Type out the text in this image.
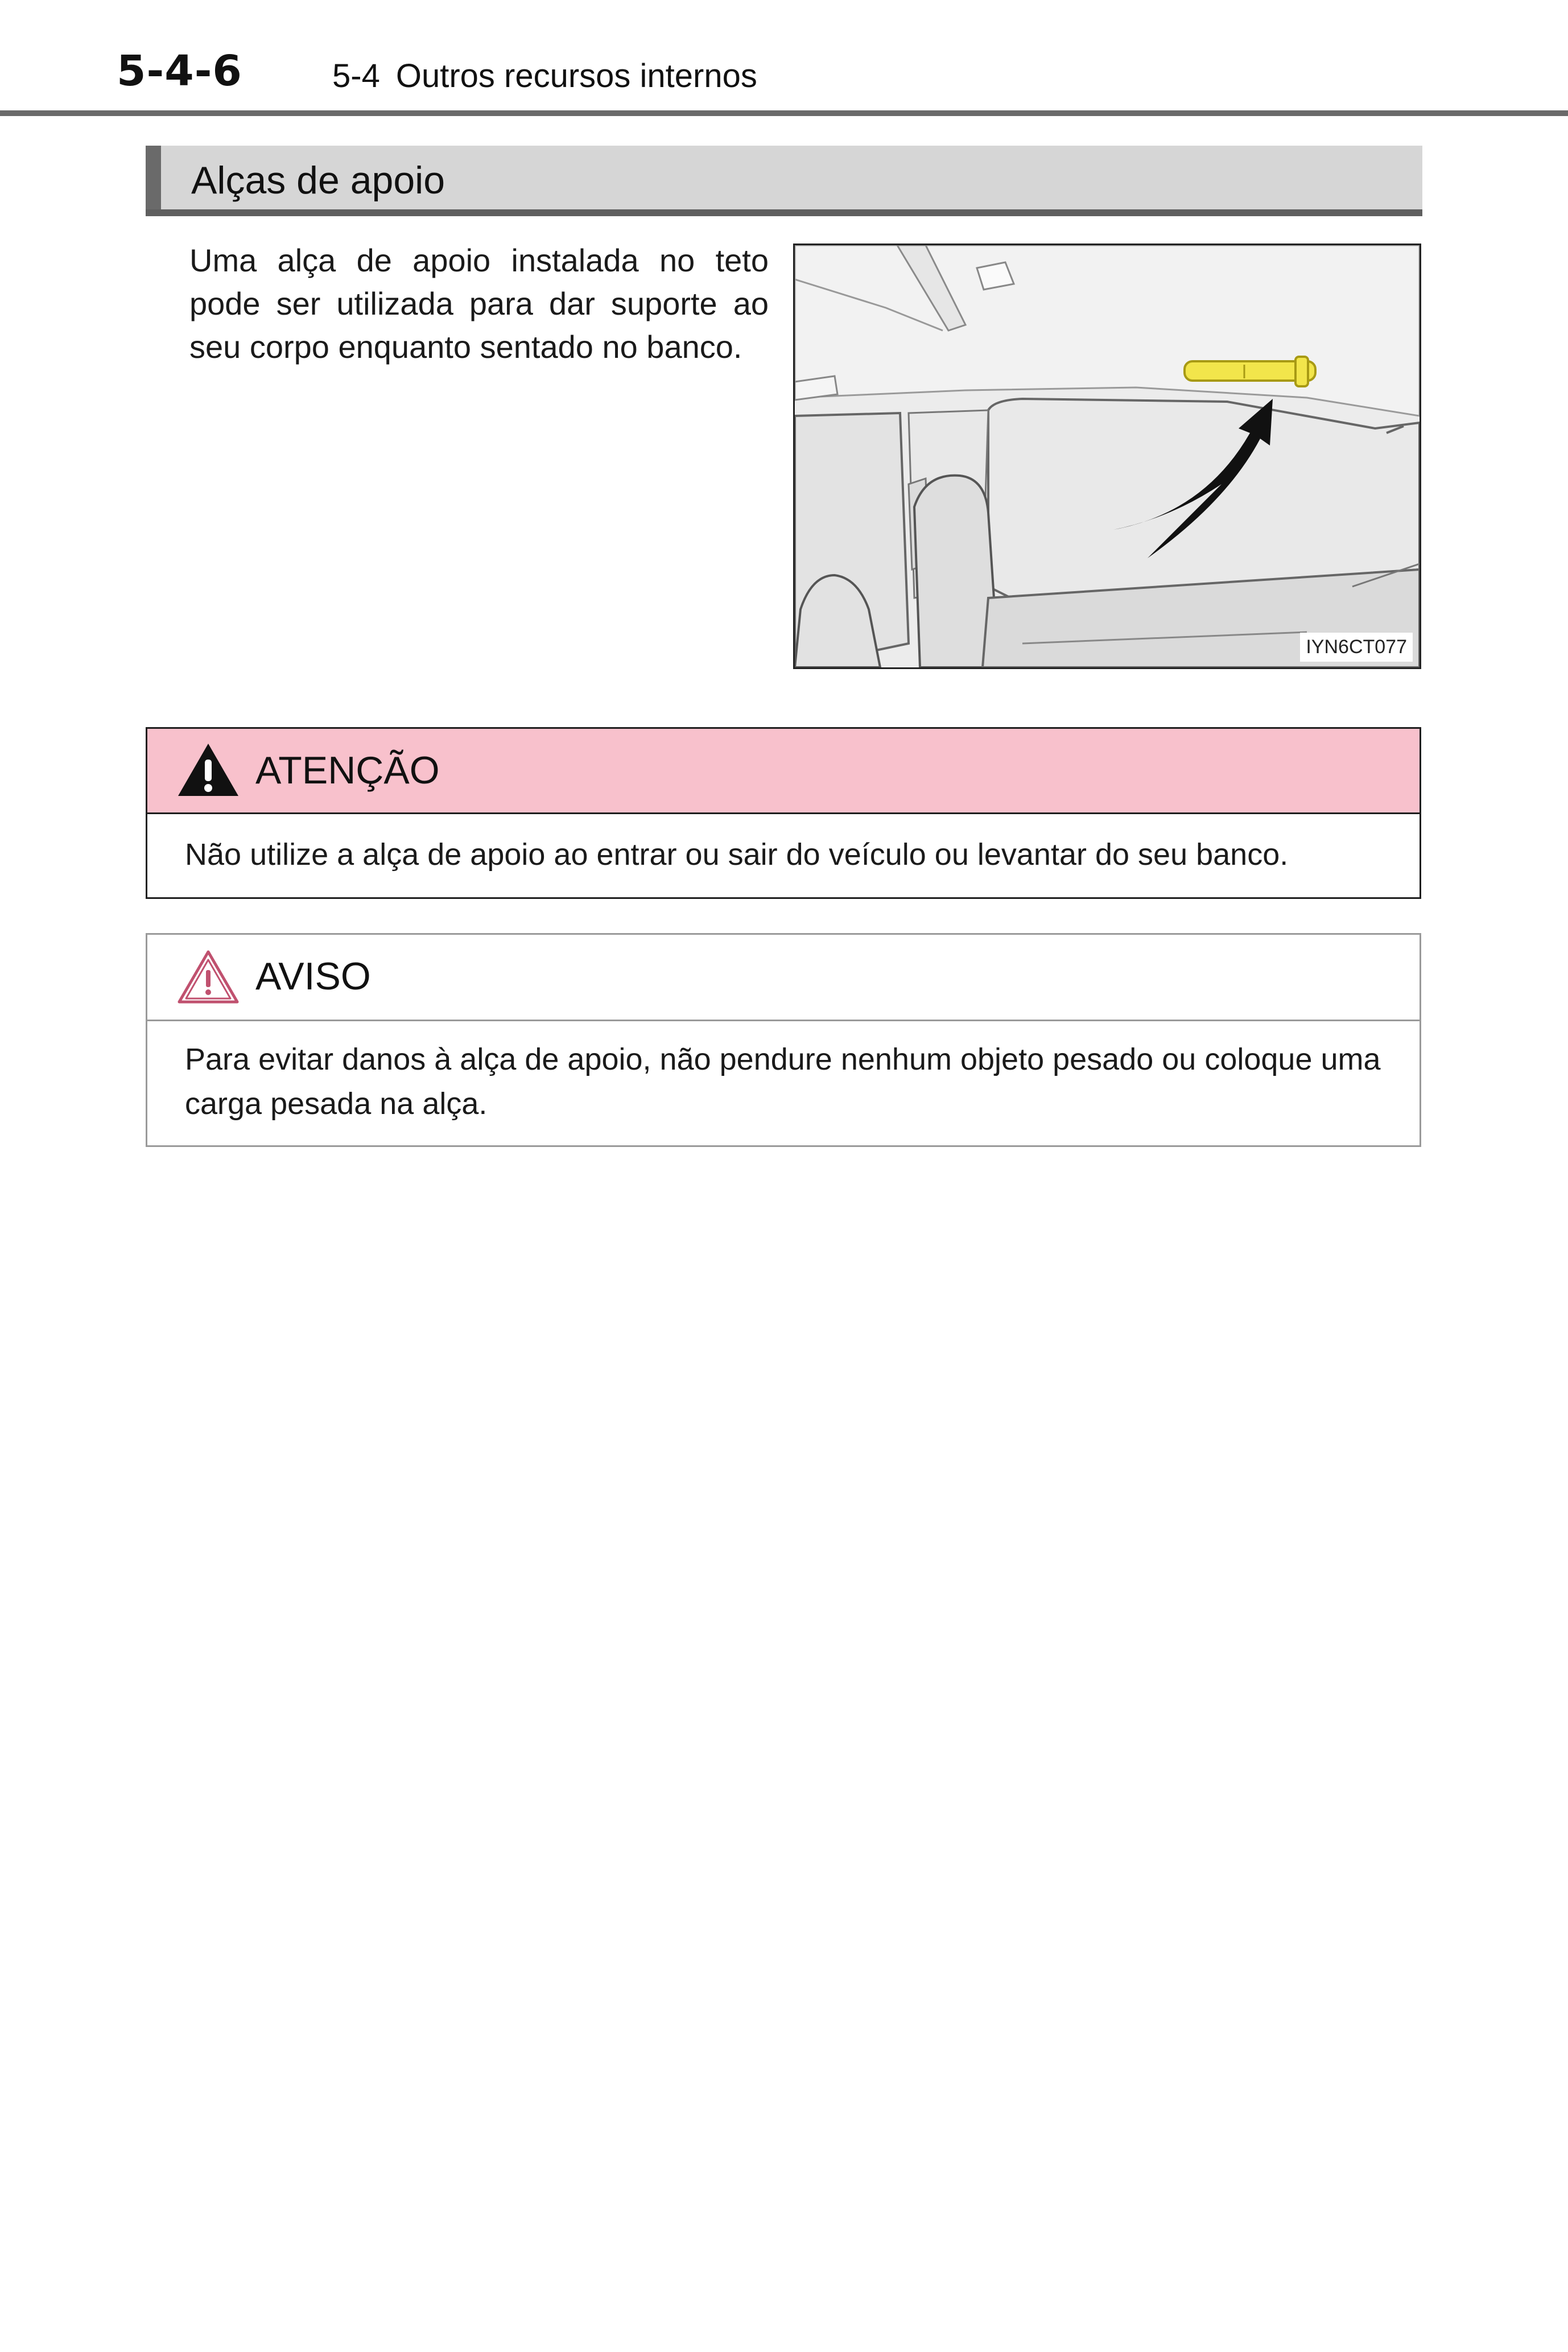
5-4-6	5-4 Outros recursos internos
Alças de apoio
Uma alça de apoio instalada no teto pode ser utilizada para dar suporte ao seu corpo enquanto sentado no banco.
IYN6CT077
ATENÇÃO
Não utilize a alça de apoio ao entrar ou sair do veículo ou levantar do seu banco.
AVISO
Para evitar danos à alça de apoio, não pendure nenhum objeto pesado ou coloque uma carga pesada na alça.
